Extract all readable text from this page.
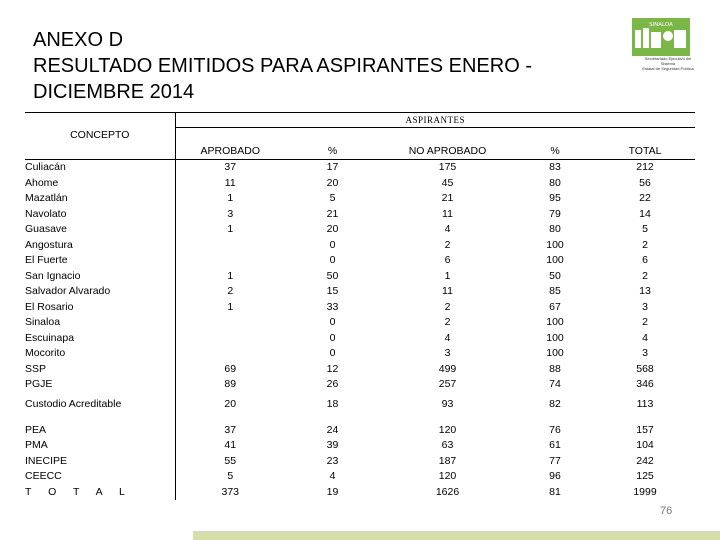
ANEXO D
RESULTADO EMITIDOS PARA ASPIRANTES ENERO -
DICIEMBRE 2014
SINALOA
Secretariado Ejecutivo del Sistema
Estatal de Seguridad Pública
	ASPIRANTES				
CONCEPTO					
	APROBADO	%	NO APROBADO	%	TOTAL
Culiacán	37	17	175	83	212
Ahome	11	20	45	80	56
Mazatlán	1	5	21	95	22
Navolato	3	21	11	79	14
Guasave	1	20	4	80	5
Angostura		0	2	100	2
El Fuerte		0	6	100	6
San Ignacio	1	50	1	50	2
Salvador Alvarado	2	15	11	85	13
El Rosario	1	33	2	67	3
Sinaloa		0	2	100	2
Escuinapa		0	4	100	4
Mocorito		0	3	100	3
SSP	69	12	499	88	568
PGJE	89	26	257	74	346
Custodio Acreditable	20	18	93	82	113

PEA	37	24	120	76	157
PMA	41	39	63	61	104
INECIPE	55	23	187	77	242
CEECC	5	4	120	96	125
T O T A L	373	19	1626	81	1999
76
